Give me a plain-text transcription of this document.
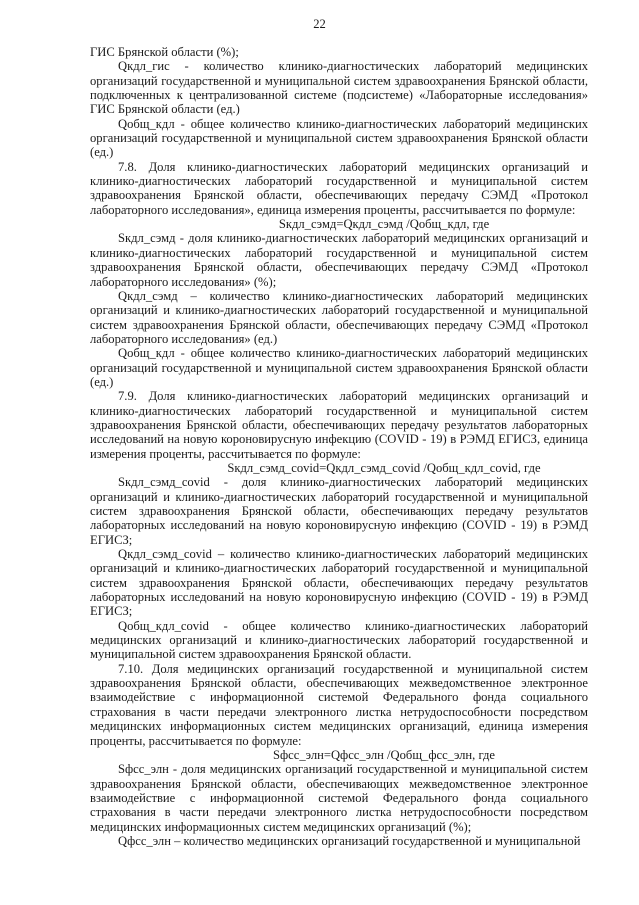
22

ГИС Брянской области (%);

Qкдл_гис - количество клинико-диагностических лабораторий медицинских организаций государственной и муниципальной систем здравоохранения Брянской области, подключенных к централизованной системе (подсистеме) «Лабораторные исследования» ГИС Брянской области (ед.)

Qобщ_кдл - общее количество клинико-диагностических лабораторий медицинских организаций государственной и муниципальной систем здравоохранения Брянской области (ед.)

7.8. Доля клинико-диагностических лабораторий медицинских организаций и клинико-диагностических лабораторий государственной и муниципальной систем здравоохранения Брянской области, обеспечивающих передачу СЭМД «Протокол лабораторного исследования», единица измерения проценты, рассчитывается по формуле:

Sкдл_сэмд=Qкдл_сэмд /Qобщ_кдл, где

Sкдл_сэмд - доля клинико-диагностических лабораторий медицинских организаций и клинико-диагностических лабораторий государственной и муниципальной систем здравоохранения Брянской области, обеспечивающих передачу СЭМД «Протокол лабораторного исследования» (%);

Qкдл_сэмд – количество клинико-диагностических лабораторий медицинских организаций и клинико-диагностических лабораторий государственной и муниципальной систем здравоохранения Брянской области, обеспечивающих передачу СЭМД «Протокол лабораторного исследования» (ед.)

Qобщ_кдл - общее количество клинико-диагностических лабораторий медицинских организаций государственной и муниципальной систем здравоохранения Брянской области (ед.)

7.9. Доля клинико-диагностических лабораторий медицинских организаций и клинико-диагностических лабораторий государственной и муниципальной систем здравоохранения Брянской области, обеспечивающих передачу результатов лабораторных исследований на новую короновирусную инфекцию (COVID - 19) в РЭМД ЕГИСЗ, единица измерения проценты, рассчитывается по формуле:

Sкдл_сэмд_covid=Qкдл_сэмд_covid /Qобщ_кдл_covid, где

Sкдл_сэмд_covid - доля клинико-диагностических лабораторий медицинских организаций и клинико-диагностических лабораторий государственной и муниципальной систем здравоохранения Брянской области, обеспечивающих передачу результатов лабораторных исследований на новую короновирусную инфекцию (COVID - 19) в РЭМД ЕГИСЗ;

Qкдл_сэмд_covid – количество клинико-диагностических лабораторий медицинских организаций и клинико-диагностических лабораторий государственной и муниципальной систем здравоохранения Брянской области, обеспечивающих передачу результатов лабораторных исследований на новую короновирусную инфекцию (COVID - 19) в РЭМД ЕГИСЗ;

Qобщ_кдл_covid - общее количество клинико-диагностических лабораторий медицинских организаций и клинико-диагностических лабораторий государственной и муниципальной систем здравоохранения Брянской области.

7.10. Доля медицинских организаций государственной и муниципальной систем здравоохранения Брянской области, обеспечивающих межведомственное электронное взаимодействие с информационной системой Федерального фонда социального страхования в части передачи электронного листка нетрудоспособности посредством медицинских информационных систем медицинских организаций, единица измерения проценты, рассчитывается по формуле:

Sфсс_элн=Qфсс_элн /Qобщ_фсс_элн, где

Sфсс_элн - доля медицинских организаций государственной и муниципальной систем здравоохранения Брянской области, обеспечивающих межведомственное электронное взаимодействие с информационной системой Федерального фонда социального страхования в части передачи электронного листка нетрудоспособности посредством медицинских информационных систем медицинских организаций (%);

Qфсс_элн – количество медицинских организаций государственной и муниципальной
